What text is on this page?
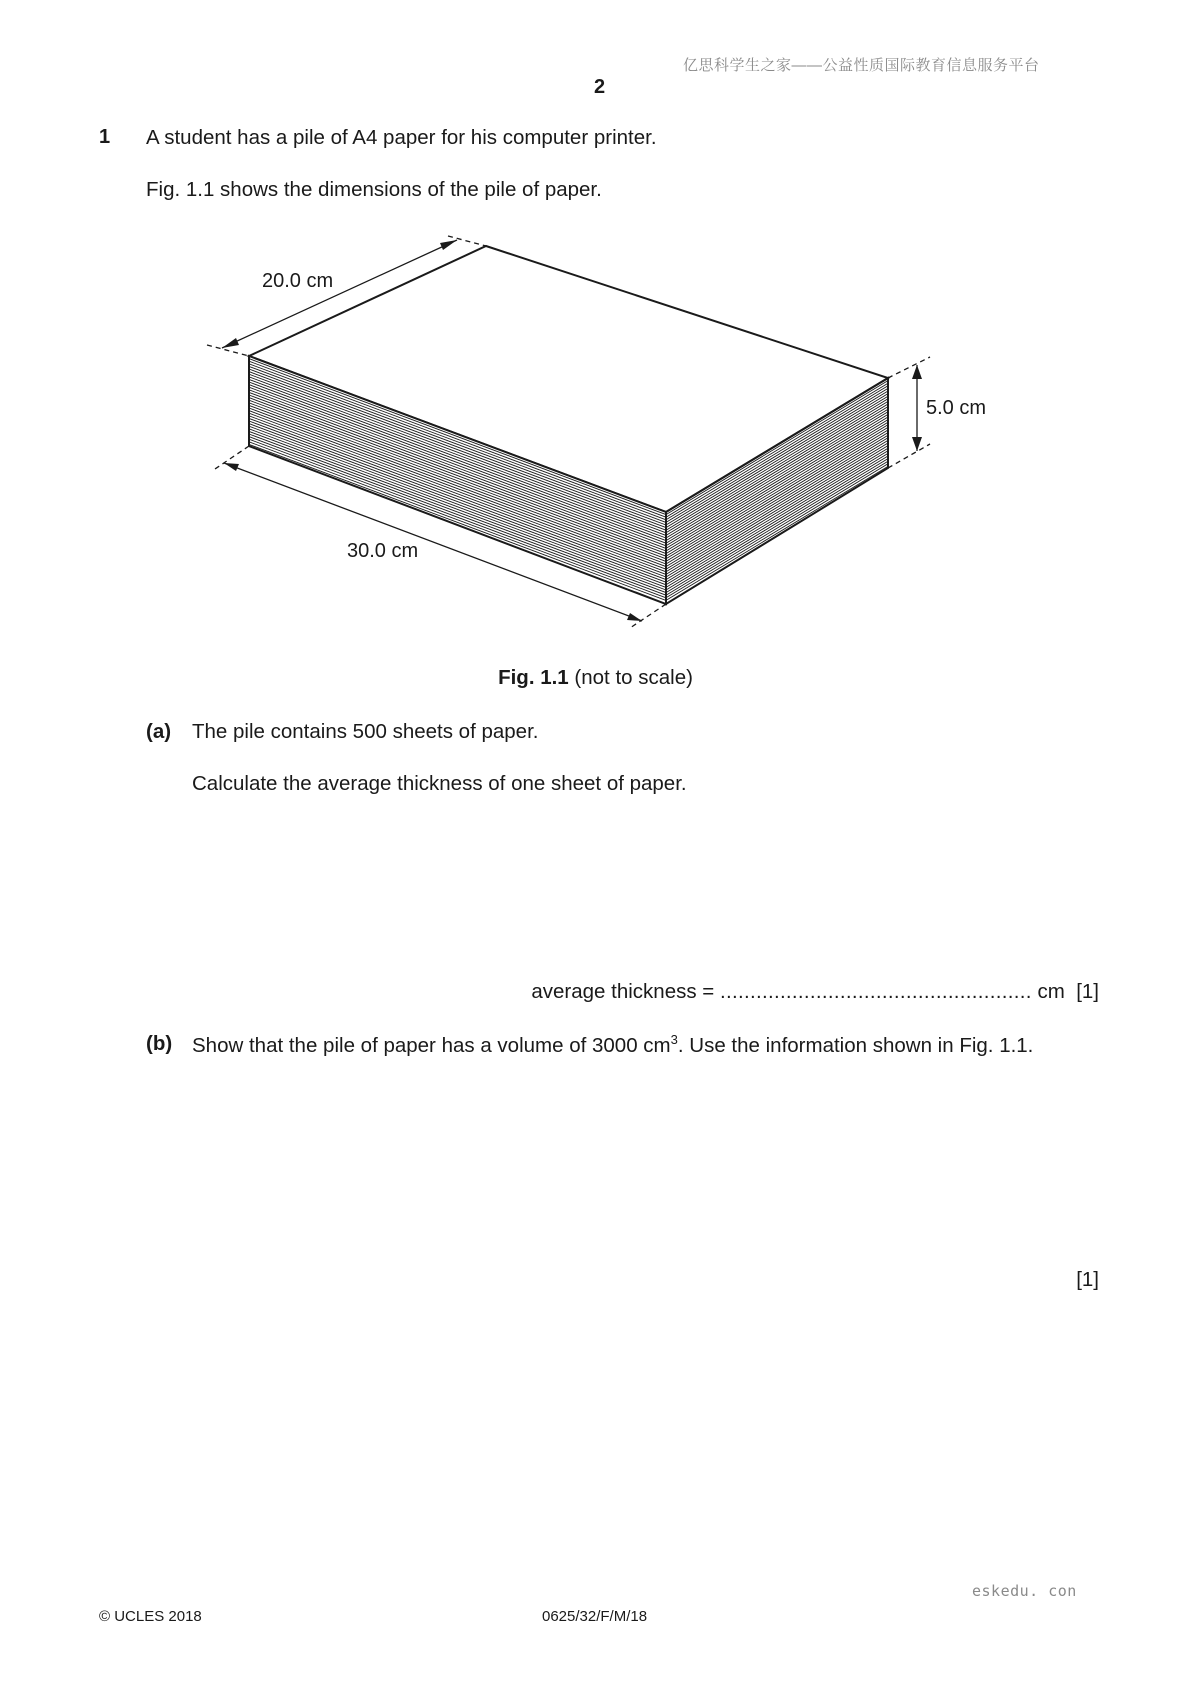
亿思科学生之家——公益性质国际教育信息服务平台
2
1 A student has a pile of A4 paper for his computer printer.
Fig. 1.1 shows the dimensions of the pile of paper.
20.0 cm
5.0 cm
30.0 cm
Fig. 1.1 (not to scale)
(a) The pile contains 500 sheets of paper.
Calculate the average thickness of one sheet of paper.
average thickness = .................................................... cm [1]
(b) Show that the pile of paper has a volume of 3000 $cm^3$. Use the information shown in Fig. 1.1.
[1]
eskedu. con
© UCLES 2018	0625/32/F/M/18
